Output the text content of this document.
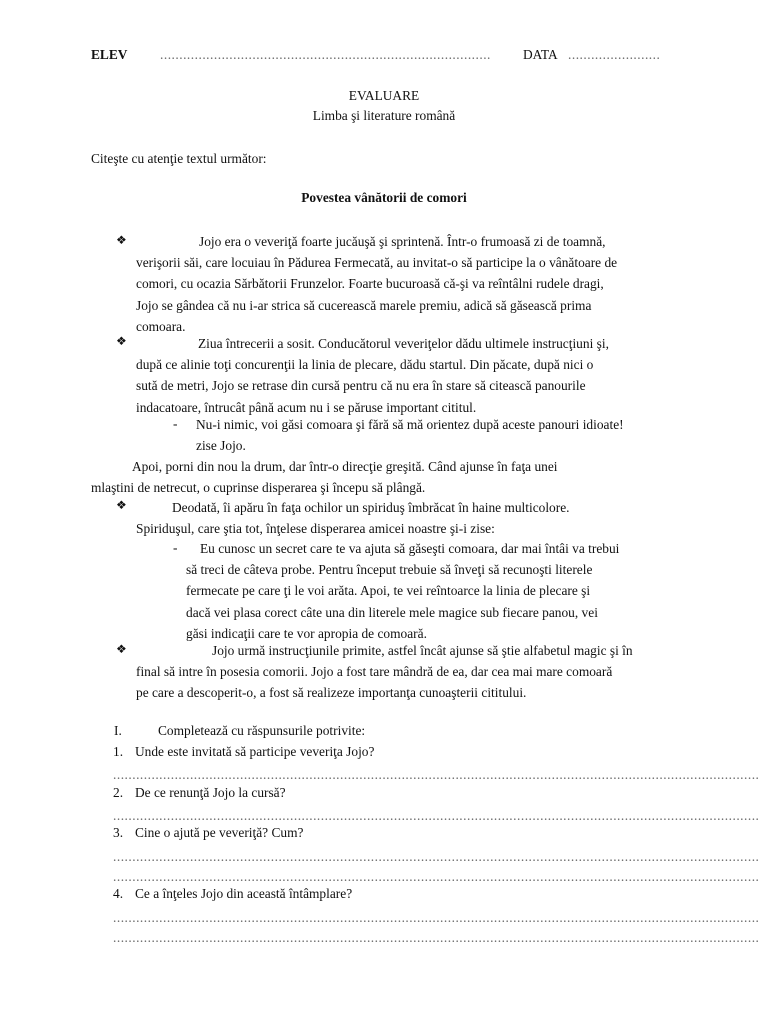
ELEV ......................................................................................	DATA ........................
EVALUARE
Limba şi literature română
Citeşte cu atenţie textul următor:
Povestea vânătorii de comori
❖	Jojo era o veveriţă foarte jucăuşă şi sprintenă. Într-o frumoasă zi de toamnă,
verişorii săi, care locuiau în Pădurea Fermecată, au invitat-o să participe la o vânătoare de
comori, cu ocazia Sărbătorii Frunzelor. Foarte bucuroasă că-şi va reîntâlni rudele dragi,
Jojo se gândea că nu i-ar strica să cucerească marele premiu, adică să găsească prima
comoara.
❖	Ziua întrecerii a sosit. Conducătorul veveriţelor dădu ultimele instrucţiuni şi,
după ce alinie toţi concurenţii la linia de plecare, dădu startul. Din păcate, după nici o
sută de metri, Jojo se retrase din cursă pentru că nu era în stare să citească panourile
indacatoare, întrucât până acum nu i se păruse important cititul.
- Nu-i nimic, voi găsi comoara şi fără să mă orientez după aceste panouri idioate!
zise Jojo.
Apoi, porni din nou la drum, dar într-o direcţie greşită. Când ajunse în faţa unei
mlaştini de netrecut, o cuprinse disperarea şi începu să plângă.
❖	Deodată, îi apăru în faţa ochilor un spiriduş îmbrăcat în haine multicolore.
Spiriduşul, care ştia tot, înţelese disperarea amicei noastre şi-i zise:
-	Eu cunosc un secret care te va ajuta să găseşti comoara, dar mai întâi va trebui
să treci de câteva probe. Pentru început trebuie să înveţi să recunoşti literele
fermecate pe care ţi le voi arăta. Apoi, te vei reîntoarce la linia de plecare şi
dacă vei plasa corect câte una din literele mele magice sub fiecare panou, vei
găsi indicaţii care te vor apropia de comoară.
❖	Jojo urmă instrucţiunile primite, astfel încât ajunse să ştie alfabetul magic şi în
final să intre în posesia comorii. Jojo a fost tare mândră de ea, dar cea mai mare comoară
pe care a descoperit-o, a fost să realizeze importanţa cunoaşterii cititului.
I.	Completează cu răspunsurile potrivite:
1. Unde este invitată să participe veveriţa Jojo?
........................................................................................................................................................................
2. De ce renunţă Jojo la cursă?
........................................................................................................................................................................
3. Cine o ajută pe veveriţă? Cum?
........................................................................................................................................................................
........................................................................................................................................................................
4. Ce a înţeles Jojo din această întâmplare?
........................................................................................................................................................................
........................................................................................................................................................................
